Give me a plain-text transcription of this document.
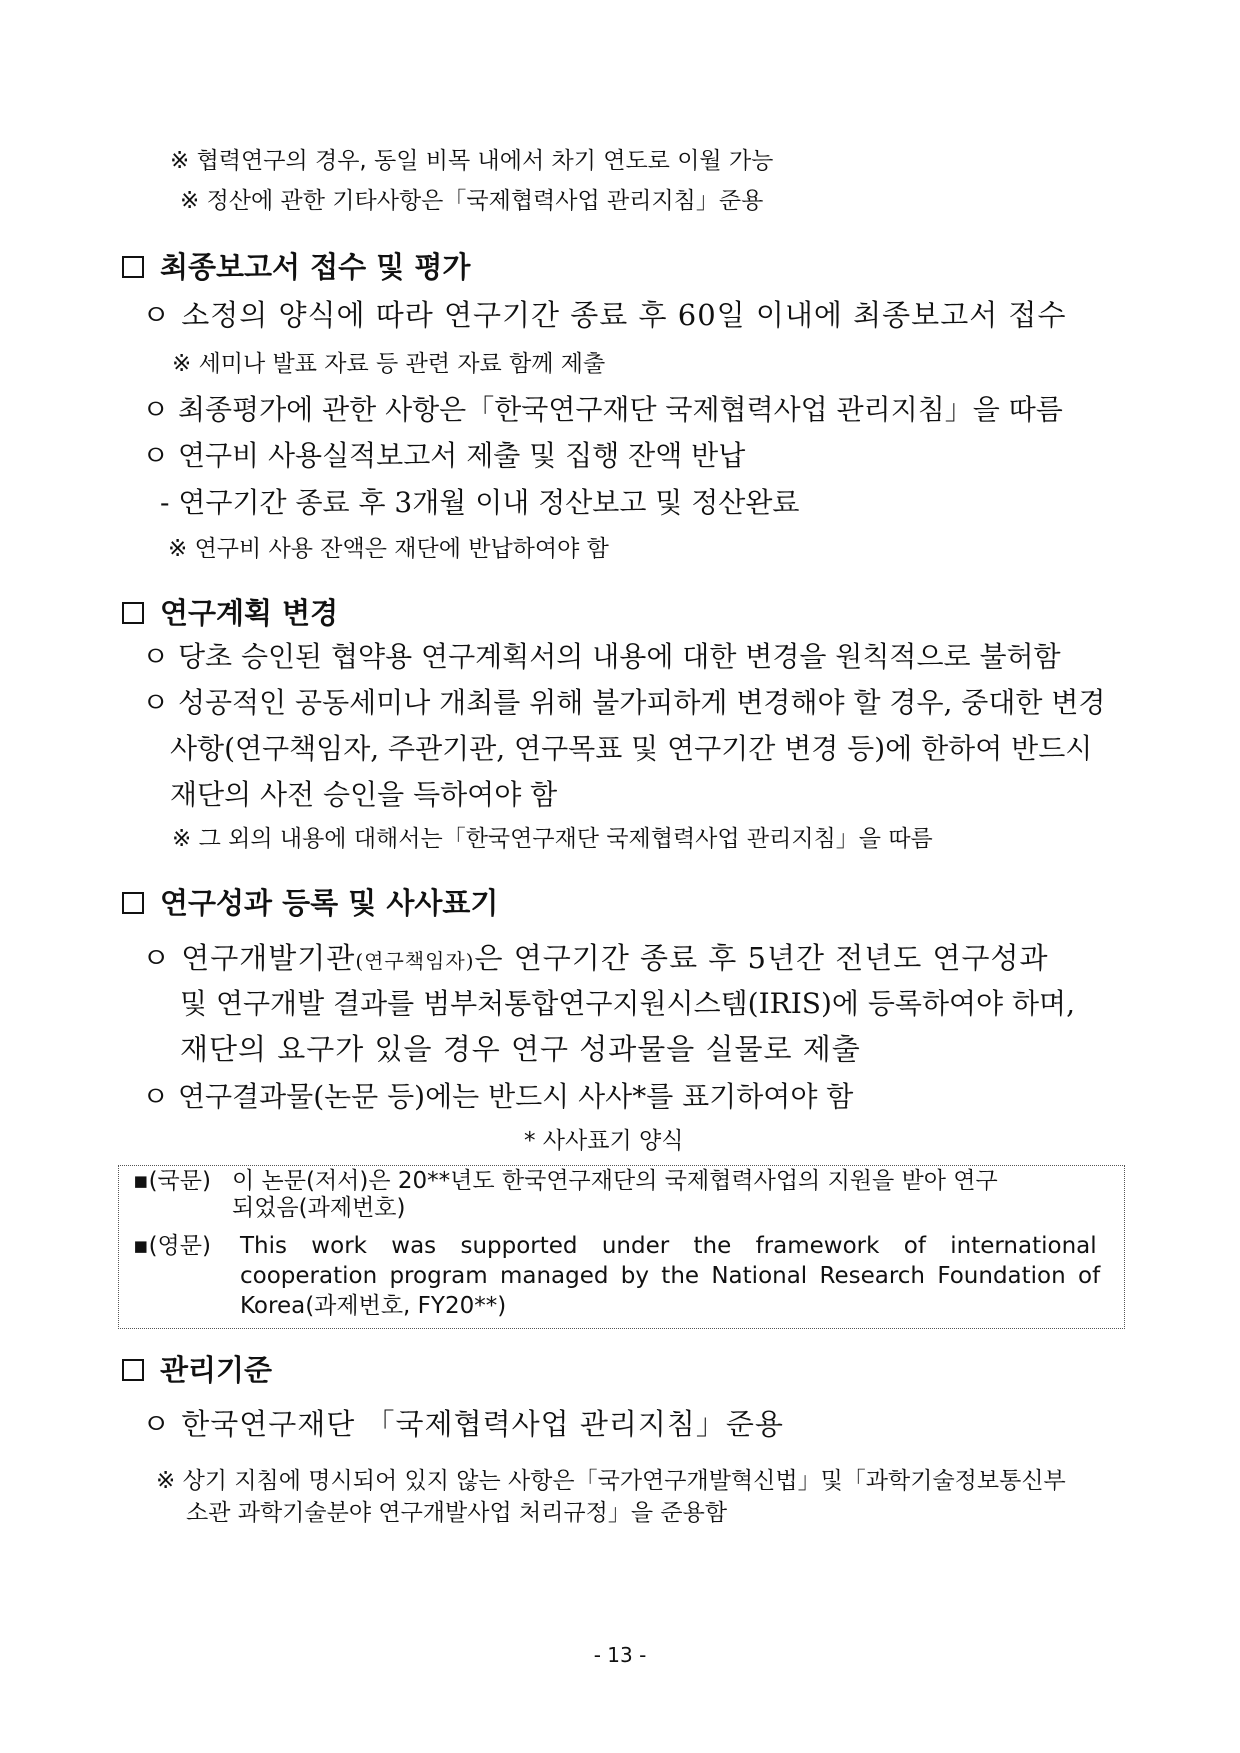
※ 협력연구의 경우, 동일 비목 내에서 차기 연도로 이월 가능
※ 정산에 관한 기타사항은「국제협력사업 관리지침」준용
최종보고서 접수 및 평가
ㅇ 소정의 양식에 따라 연구기간 종료 후 60일 이내에 최종보고서 접수
※ 세미나 발표 자료 등 관련 자료 함께 제출
ㅇ 최종평가에 관한 사항은「한국연구재단 국제협력사업 관리지침」을 따름
ㅇ 연구비 사용실적보고서 제출 및 집행 잔액 반납
- 연구기간 종료 후 3개월 이내 정산보고 및 정산완료
※ 연구비 사용 잔액은 재단에 반납하여야 함
연구계획 변경
ㅇ 당초 승인된 협약용 연구계획서의 내용에 대한 변경을 원칙적으로 불허함
ㅇ 성공적인 공동세미나 개최를 위해 불가피하게 변경해야 할 경우, 중대한 변경
사항(연구책임자, 주관기관, 연구목표 및 연구기간 변경 등)에 한하여 반드시
재단의 사전 승인을 득하여야 함
※ 그 외의 내용에 대해서는「한국연구재단 국제협력사업 관리지침」을 따름
연구성과 등록 및 사사표기
ㅇ 연구개발기관(연구책임자)은 연구기간 종료 후 5년간 전년도 연구성과
및 연구개발 결과를 범부처통합연구지원시스템(IRIS)에 등록하여야 하며,
재단의 요구가 있을 경우 연구 성과물을 실물로 제출
ㅇ 연구결과물(논문 등)에는 반드시 사사*를 표기하여야 함
* 사사표기 양식
▪(국문) 이 논문(저서)은 20**년도 한국연구재단의 국제협력사업의 지원을 받아 연구
되었음(과제번호)
▪(영문) This work was supported under the framework of international
cooperation program managed by the National Research Foundation of
Korea(과제번호, FY20**)
관리기준
ㅇ 한국연구재단 「국제협력사업 관리지침」준용
※ 상기 지침에 명시되어 있지 않는 사항은「국가연구개발혁신법」및「과학기술정보통신부
소관 과학기술분야 연구개발사업 처리규정」을 준용함
- 13 -
